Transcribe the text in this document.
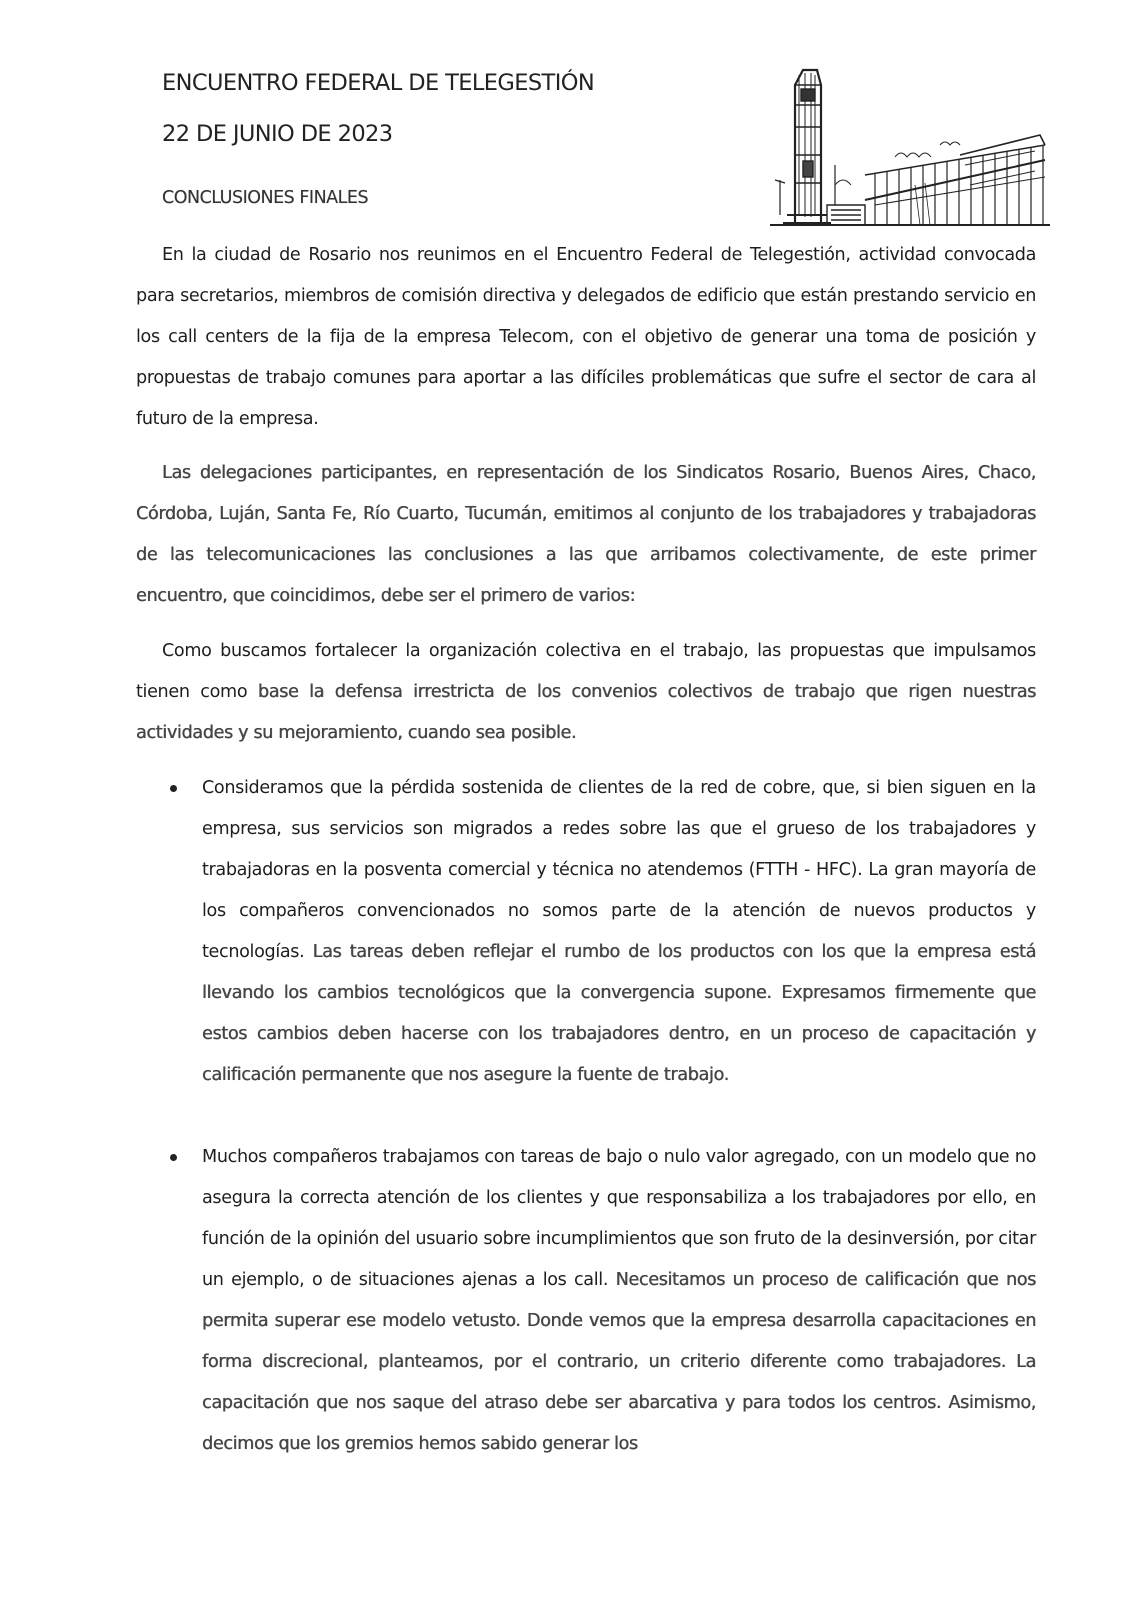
ENCUENTRO FEDERAL DE TELEGESTIÓN
22 DE JUNIO DE 2023
CONCLUSIONES FINALES

En la ciudad de Rosario nos reunimos en el Encuentro Federal de Telegestión, actividad convocada para secretarios, miembros de comisión directiva y delegados de edificio que están prestando servicio en los call centers de la fija de la empresa Telecom, con el objetivo de generar una toma de posición y propuestas de trabajo comunes para aportar a las difíciles problemáticas que sufre el sector de cara al futuro de la empresa.

Las delegaciones participantes, en representación de los Sindicatos Rosario, Buenos Aires, Chaco, Córdoba, Luján, Santa Fe, Río Cuarto, Tucumán, emitimos al conjunto de los trabajadores y trabajadoras de las telecomunicaciones las conclusiones a las que arribamos colectivamente, de este primer encuentro, que coincidimos, debe ser el primero de varios:

Como buscamos fortalecer la organización colectiva en el trabajo, las propuestas que impulsamos tienen como base la defensa irrestricta de los convenios colectivos de trabajo que rigen nuestras actividades y su mejoramiento, cuando sea posible.

Consideramos que la pérdida sostenida de clientes de la red de cobre, que, si bien siguen en la empresa, sus servicios son migrados a redes sobre las que el grueso de los trabajadores y trabajadoras en la posventa comercial y técnica no atendemos (FTTH - HFC). La gran mayoría de los compañeros convencionados no somos parte de la atención de nuevos productos y tecnologías. Las tareas deben reflejar el rumbo de los productos con los que la empresa está llevando los cambios tecnológicos que la convergencia supone. Expresamos firmemente que estos cambios deben hacerse con los trabajadores dentro, en un proceso de capacitación y calificación permanente que nos asegure la fuente de trabajo.
Muchos compañeros trabajamos con tareas de bajo o nulo valor agregado, con un modelo que no asegura la correcta atención de los clientes y que responsabiliza a los trabajadores por ello, en función de la opinión del usuario sobre incumplimientos que son fruto de la desinversión, por citar un ejemplo, o de situaciones ajenas a los call. Necesitamos un proceso de calificación que nos permita superar ese modelo vetusto. Donde vemos que la empresa desarrolla capacitaciones en forma discrecional, planteamos, por el contrario, un criterio diferente como trabajadores. La capacitación que nos saque del atraso debe ser abarcativa y para todos los centros. Asimismo, decimos que los gremios hemos sabido generar los
